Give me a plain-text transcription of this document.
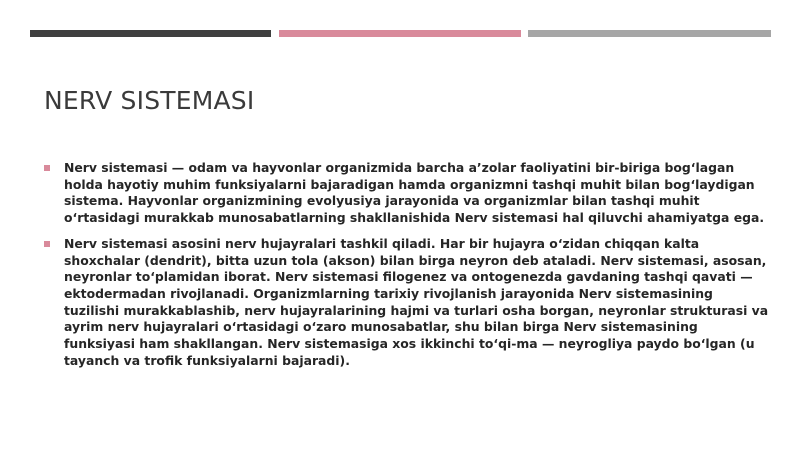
NERV SISTEMASI
Nerv sistemasi — odam va hayvonlar organizmida barcha a’zolar faoliyatini bir-biriga bog‘lagan holda hayotiy muhim funksiyalarni bajaradigan hamda organizmni tashqi muhit bilan bog‘laydigan sistema. Hayvonlar organizmining evolyusiya jarayonida va organizmlar bilan tashqi muhit o‘rtasidagi murakkab munosabatlarning shakllanishida Nerv sistemasi hal qiluvchi ahamiyatga ega.
Nerv sistemasi asosini nerv hujayralari tashkil qiladi. Har bir hujayra o‘zidan chiqqan kalta shoxchalar (dendrit), bitta uzun tola (akson) bilan birga neyron deb ataladi. Nerv sistemasi, asosan, neyronlar to‘plamidan iborat. Nerv sistemasi filogenez va ontogenezda gavdaning tashqi qavati — ektodermadan rivojlanadi. Organizmlarning tarixiy rivojlanish jarayonida Nerv sistemasining tuzilishi murakkablashib, nerv hujayralarining hajmi va turlari osha borgan, neyronlar strukturasi va ayrim nerv hujayralari o‘rtasidagi o‘zaro munosabatlar, shu bilan birga Nerv sistemasining funksiyasi ham shakllangan. Nerv sistemasiga xos ikkinchi to‘qi-ma — neyrogliya paydo bo‘lgan (u tayanch va trofik funksiyalarni bajaradi).
